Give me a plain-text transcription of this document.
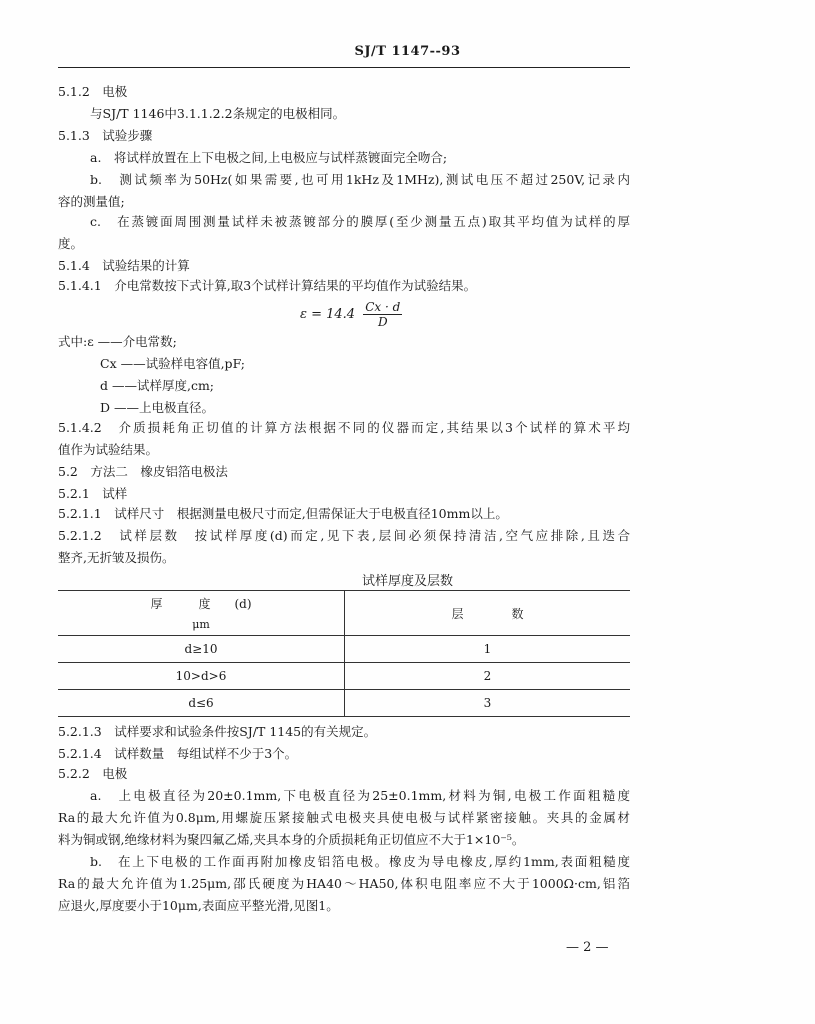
SJ/T 1147--93
5.1.2　电极
与SJ/T 1146中3.1.1.2.2条规定的电极相同。
5.1.3　试验步骤
a.　将试样放置在上下电极之间,上电极应与试样蒸镀面完全吻合;
b.　测试频率为50Hz(如果需要,也可用1kHz及1MHz),测试电压不超过250V,记录内
容的测量值;
c.　在蒸镀面周围测量试样未被蒸镀部分的膜厚(至少测量五点)取其平均值为试样的厚
度。
5.1.4　试验结果的计算
5.1.4.1　介电常数按下式计算,取3个试样计算结果的平均值作为试验结果。
$\varepsilon = 14.4 \frac{Cx \cdot d}{D}$
式中:ε ——介电常数;
Cx ——试验样电容值,pF;
d ——试样厚度,cm;
D ——上电极直径。
5.1.4.2　介质损耗角正切值的计算方法根据不同的仪器而定,其结果以3个试样的算术平均
值作为试验结果。
5.2　方法二　橡皮铝箔电极法
5.2.1　试样
5.2.1.1　试样尺寸　根据测量电极尺寸而定,但需保证大于电极直径10mm以上。
5.2.1.2　试样层数　按试样厚度(d)而定,见下表,层间必须保持清洁,空气应排除,且迭合
整齐,无折皱及损伤。
试样厚度及层数
厚　　　度　　(d)
μm	层　　　　数
d≥10	1
10>d>6	2
d≤6	3
5.2.1.3　试样要求和试验条件按SJ/T 1145的有关规定。
5.2.1.4　试样数量　每组试样不少于3个。
5.2.2　电极
a.　上电极直径为20±0.1mm,下电极直径为25±0.1mm,材料为铜,电极工作面粗糙度
Ra的最大允许值为0.8μm,用螺旋压紧接触式电极夹具使电极与试样紧密接触。夹具的金属材
料为铜或钢,绝缘材料为聚四氟乙烯,夹具本身的介质损耗角正切值应不大于1×10⁻⁵。
b.　在上下电极的工作面再附加橡皮铝箔电极。橡皮为导电橡皮,厚约1mm,表面粗糙度
Ra的最大允许值为1.25μm,邵氏硬度为HA40～HA50,体积电阻率应不大于1000Ω·cm,铝箔
应退火,厚度要小于10μm,表面应平整光滑,见图1。
— 2 —
